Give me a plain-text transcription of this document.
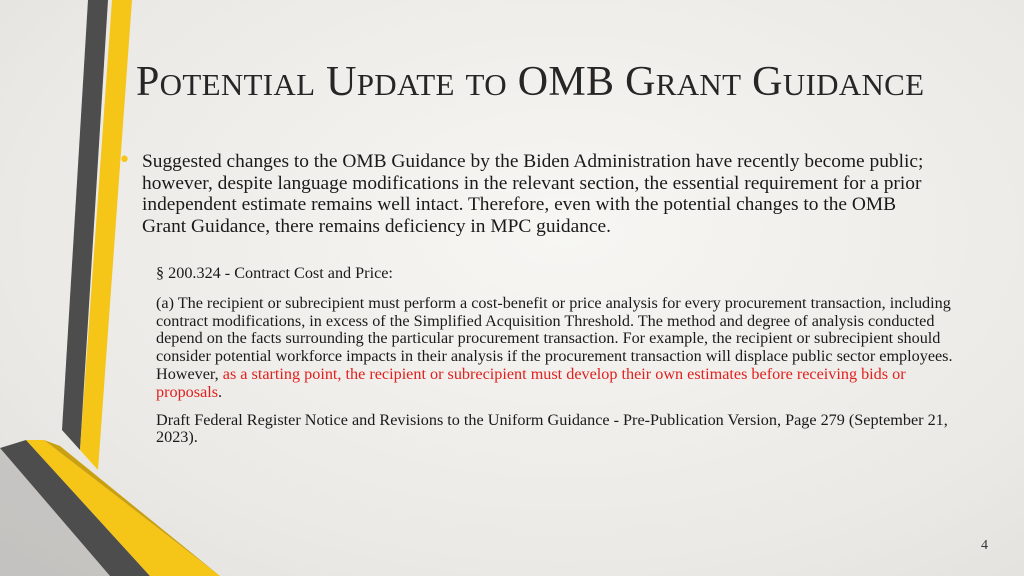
POTENTIAL UPDATE TO OMB GRANT GUIDANCE
• Suggested changes to the OMB Guidance by the Biden Administration have recently become public; however, despite language modifications in the relevant section, the essential requirement for a prior independent estimate remains well intact. Therefore, even with the potential changes to the OMB Grant Guidance, there remains deficiency in MPC guidance.

§ 200.324 - Contract Cost and Price:

(a) The recipient or subrecipient must perform a cost-benefit or price analysis for every procurement transaction, including contract modifications, in excess of the Simplified Acquisition Threshold. The method and degree of analysis conducted depend on the facts surrounding the particular procurement transaction. For example, the recipient or subrecipient should consider potential workforce impacts in their analysis if the procurement transaction will displace public sector employees. However, as a starting point, the recipient or subrecipient must develop their own estimates before receiving bids or proposals.

Draft Federal Register Notice and Revisions to the Uniform Guidance - Pre-Publication Version, Page 279 (September 21, 2023).

4
